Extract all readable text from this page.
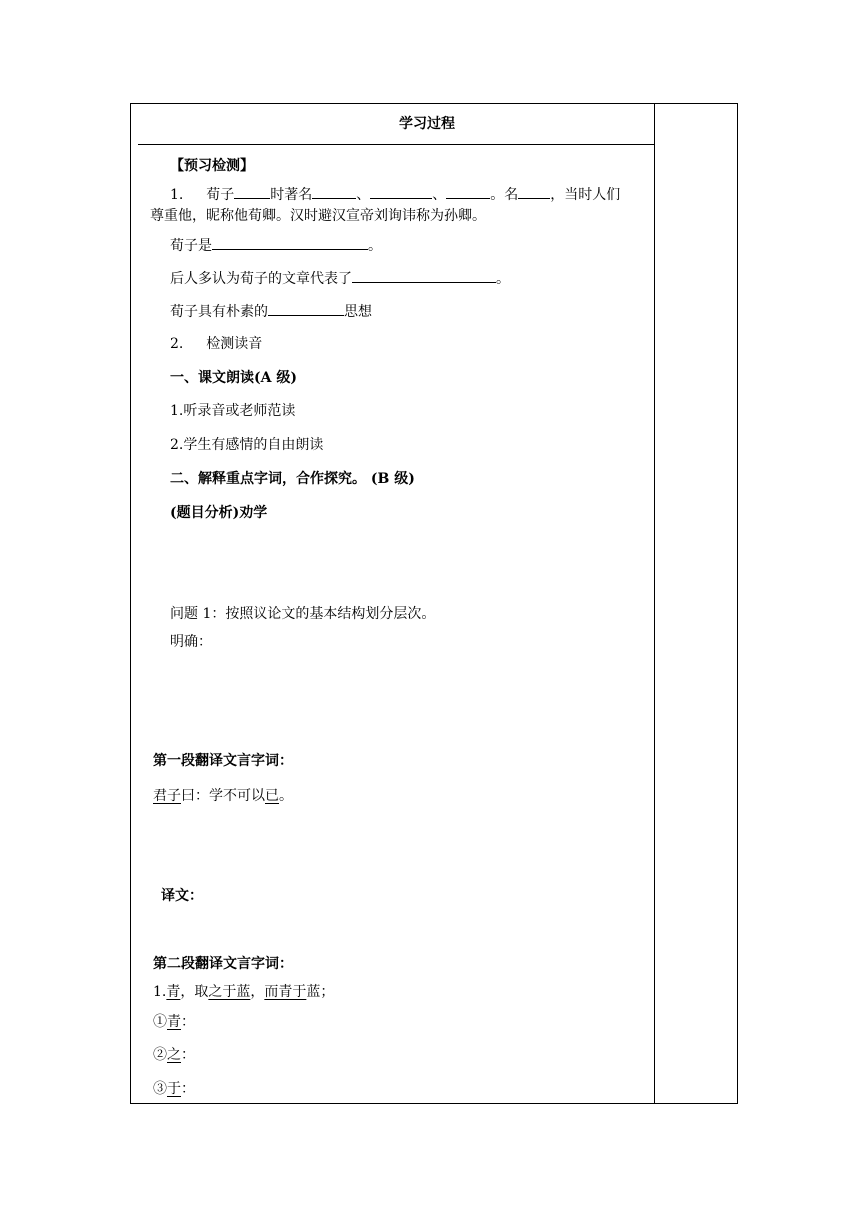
学习过程
【预习检测】
1. 荀子	时著名	、	、	。名 ，当时人们
尊重他，昵称他荀卿。汉时避汉宣帝刘询讳称为孙卿。
荀子是	。
后人多认为荀子的文章代表了	。
荀子具有朴素的	思想
2. 检测读音
一、课文朗读(A 级)
1.听录音或老师范读
2.学生有感情的自由朗读
二、解释重点字词，合作探究。 (B 级)
(题目分析)劝学
问题 1：按照议论文的基本结构划分层次。
明确：
第一段翻译文言字词：
君子曰：学不可以已。
译文：
第二段翻译文言字词：
1.青，取之于蓝，而青于蓝；
①青：
②之：
③于：
